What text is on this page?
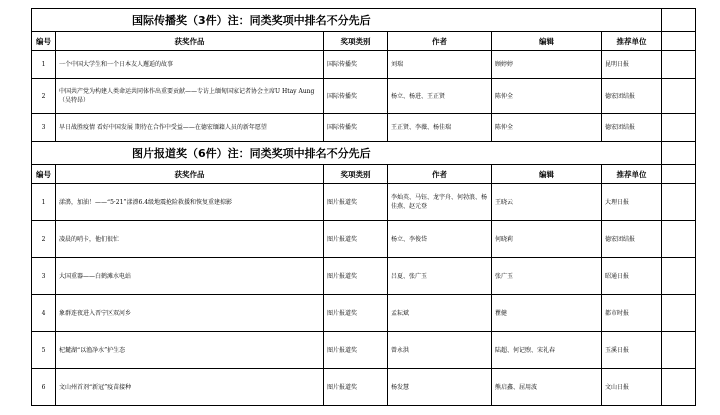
国际传播奖（3件）注：同类奖项中排名不分先后						
编号	获奖作品	奖项类别	作者	编辑	推荐单位	
1	一个中国大学生和一个日本友人邂逅的故事	国际传播奖	刘瑞	顾婷婷	昆明日报	
2	中国共产党为构建人类命运共同体作出重要贡献——专访上缅甸国家记者协会主席U Htay Aung（吴特昂）	国际传播奖	杨立、杨进、王正贤	陈仲全	德宏团结报	
3	早日战胜疫情 看好中国发展 期待在合作中受益——在德宏缅籍人员的新年愿望	国际传播奖	王正贤、李薇、杨佳瑞	陈仲全	德宏团结报	
图片报道奖（6件）注：同类奖项中排名不分先后						
编号	获奖作品	奖项类别	作者	编辑	推荐单位	
1	漾濞，加油！——“5·21”漾濞6.4级地震抢险救援和恢复重建掠影	图片报道奖	李灿英、马钰、龙宇舟、何勃浪、杨佳燕、赵元登	王晓云	大理日报	
2	凌晨的哨卡，他们很忙	图片报道奖	杨立、李俊岱	何晓莉	德宏团结报	
3	大国重器——白鹤滩水电站	图片报道奖	吕夏、张广玉	张广玉	昭通日报	
4	象群连夜进入晋宁区双河乡	图片报道奖	孟耘斌	瞿健	都市时报	
5	杞麓湖“以渔净水”护生态	图片报道奖	曾永洪	陆超、何记煦、宋礼春	玉溪日报	
6	文山州首剂“新冠”疫苗接种	图片报道奖	杨发慧	熊启鑫、屈用波	文山日报	
